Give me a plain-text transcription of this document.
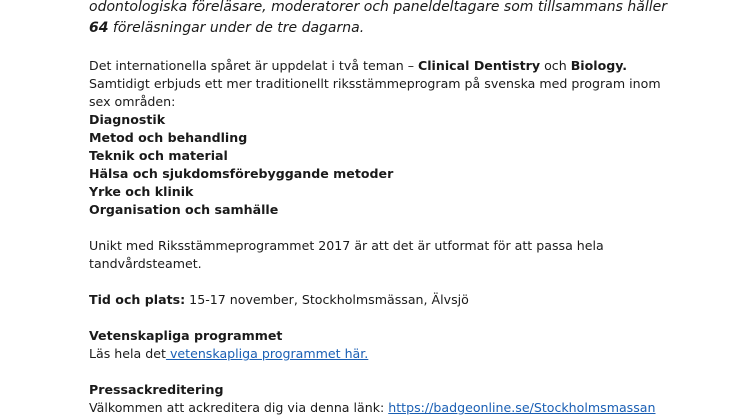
odontologiska föreläsare, moderatorer och paneldeltagare som tillsammans håller
64 föreläsningar under de tre dagarna.

Det internationella spåret är uppdelat i två teman – Clinical Dentistry och Biology.
Samtidigt erbjuds ett mer traditionellt riksstämmeprogram på svenska med program inom
sex områden:

Diagnostik
Metod och behandling
Teknik och material
Hälsa och sjukdomsförebyggande metoder
Yrke och klinik
Organisation och samhälle

Unikt med Riksstämmeprogrammet 2017 är att det är utformat för att passa hela
tandvårdsteamet.

Tid och plats: 15-17 november, Stockholmsmässan, Älvsjö

Vetenskapliga programmet
Läs hela det vetenskapliga programmet här.

Pressackreditering
Välkommen att ackreditera dig via denna länk: https://badgeonline.se/Stockholmsmassan
